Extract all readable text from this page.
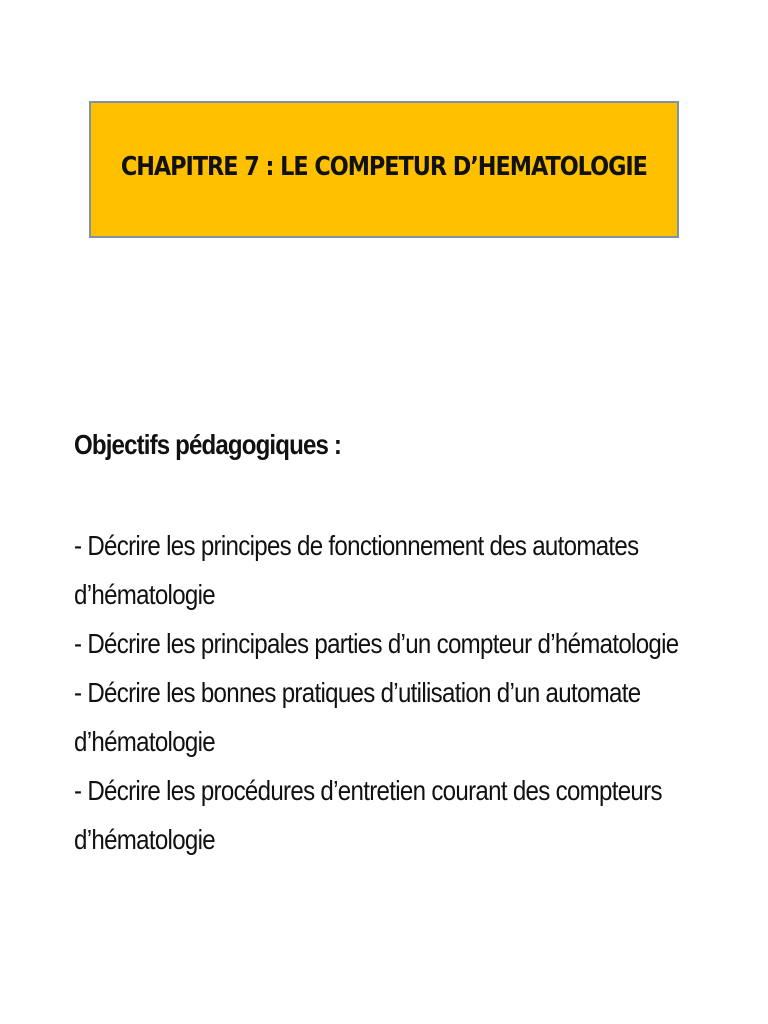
CHAPITRE 7 : LE COMPETUR D’HEMATOLOGIE

Objectifs pédagogiques :

- Décrire les principes de fonctionnement des automates d’hématologie
- Décrire les principales parties d’un compteur d’hématologie
- Décrire les bonnes pratiques d’utilisation d’un automate d’hématologie
- Décrire les procédures d’entretien courant des compteurs d’hématologie
